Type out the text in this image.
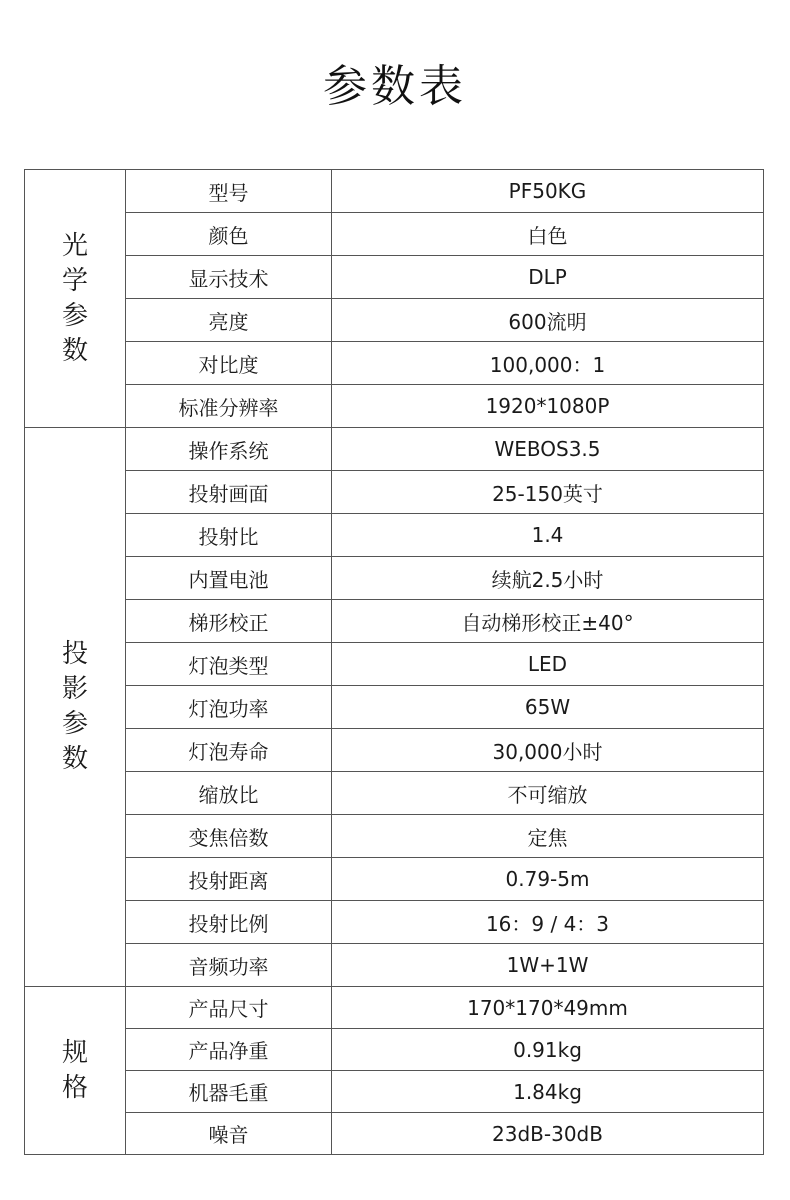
参数表
光学参数	型号	PF50KG
	颜色	白色
	显示技术	DLP
	亮度	600流明
	对比度	100,000：1
	标准分辨率	1920*1080P
投影参数	操作系统	WEBOS3.5
	投射画面	25-150英寸
	投射比	1.4
	内置电池	续航2.5小时
	梯形校正	自动梯形校正±40°
	灯泡类型	LED
	灯泡功率	65W
	灯泡寿命	30,000小时
	缩放比	不可缩放
	变焦倍数	定焦
	投射距离	0.79-5m
	投射比例	16：9 / 4：3
	音频功率	1W+1W
规格	产品尺寸	170*170*49mm
	产品净重	0.91kg
	机器毛重	1.84kg
	噪音	23dB-30dB
